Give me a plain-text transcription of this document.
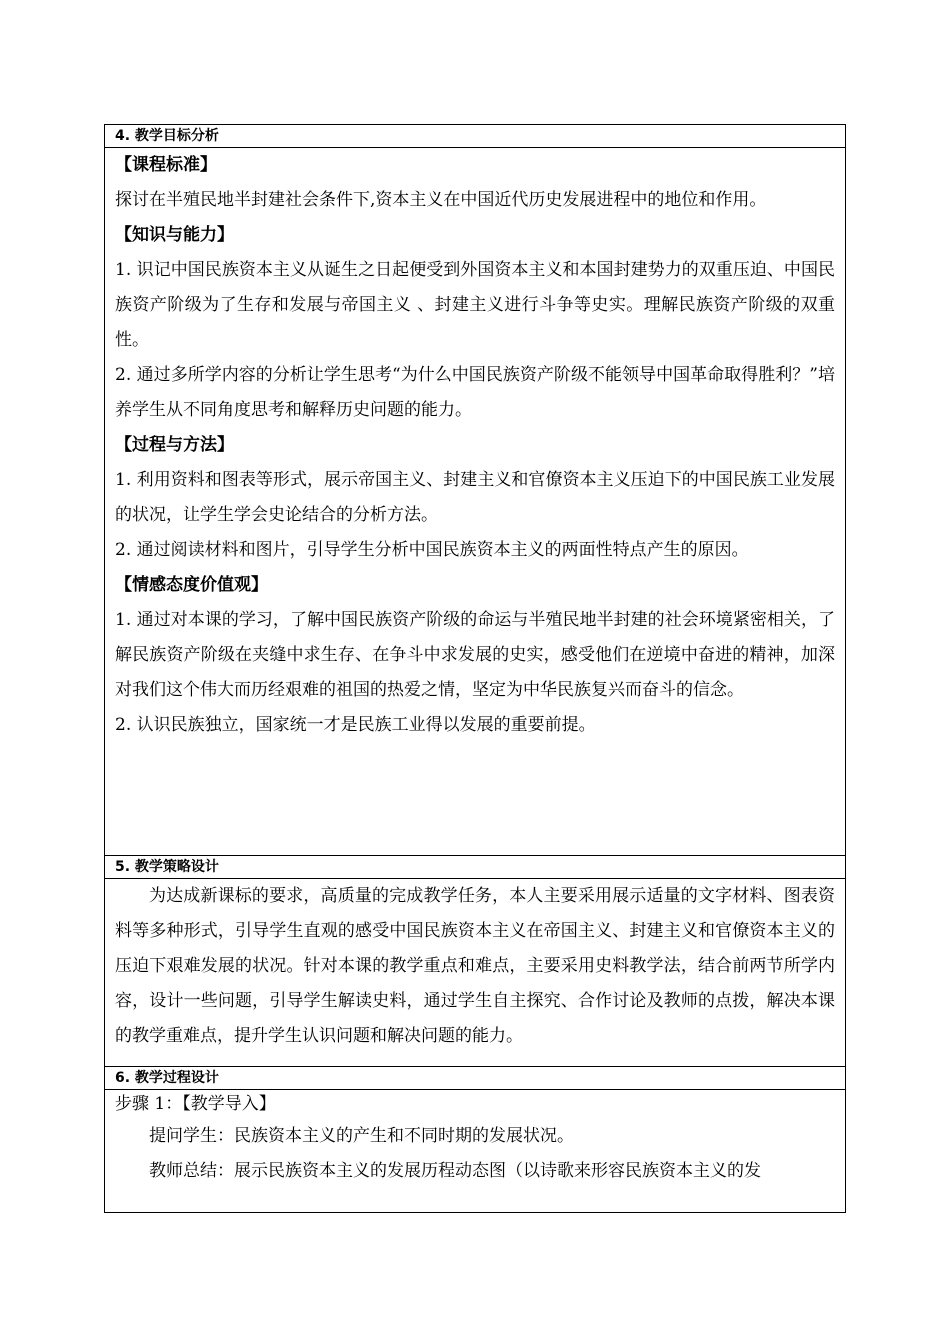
4. 教学目标分析

【课程标准】

探讨在半殖民地半封建社会条件下,资本主义在中国近代历史发展进程中的地位和作用。

【知识与能力】

1. 识记中国民族资本主义从诞生之日起便受到外国资本主义和本国封建势力的双重压迫、中国民族资产阶级为了生存和发展与帝国主义 、封建主义进行斗争等史实。理解民族资产阶级的双重性。

2. 通过多所学内容的分析让学生思考“为什么中国民族资产阶级不能领导中国革命取得胜利？”培养学生从不同角度思考和解释历史问题的能力。

【过程与方法】

1. 利用资料和图表等形式，展示帝国主义、封建主义和官僚资本主义压迫下的中国民族工业发展的状况，让学生学会史论结合的分析方法。

2. 通过阅读材料和图片，引导学生分析中国民族资本主义的两面性特点产生的原因。

【情感态度价值观】

1. 通过对本课的学习，了解中国民族资产阶级的命运与半殖民地半封建的社会环境紧密相关，了解民族资产阶级在夹缝中求生存、在争斗中求发展的史实，感受他们在逆境中奋进的精神，加深对我们这个伟大而历经艰难的祖国的热爱之情，坚定为中华民族复兴而奋斗的信念。

2. 认识民族独立，国家统一才是民族工业得以发展的重要前提。

5. 教学策略设计

为达成新课标的要求，高质量的完成教学任务，本人主要采用展示适量的文字材料、图表资料等多种形式，引导学生直观的感受中国民族资本主义在帝国主义、封建主义和官僚资本主义的压迫下艰难发展的状况。针对本课的教学重点和难点，主要采用史料教学法，结合前两节所学内容，设计一些问题，引导学生解读史料，通过学生自主探究、合作讨论及教师的点拨，解决本课的教学重难点，提升学生认识问题和解决问题的能力。

6. 教学过程设计

步骤 1：【教学导入】

提问学生：民族资本主义的产生和不同时期的发展状况。

教师总结：展示民族资本主义的发展历程动态图（以诗歌来形容民族资本主义的发
